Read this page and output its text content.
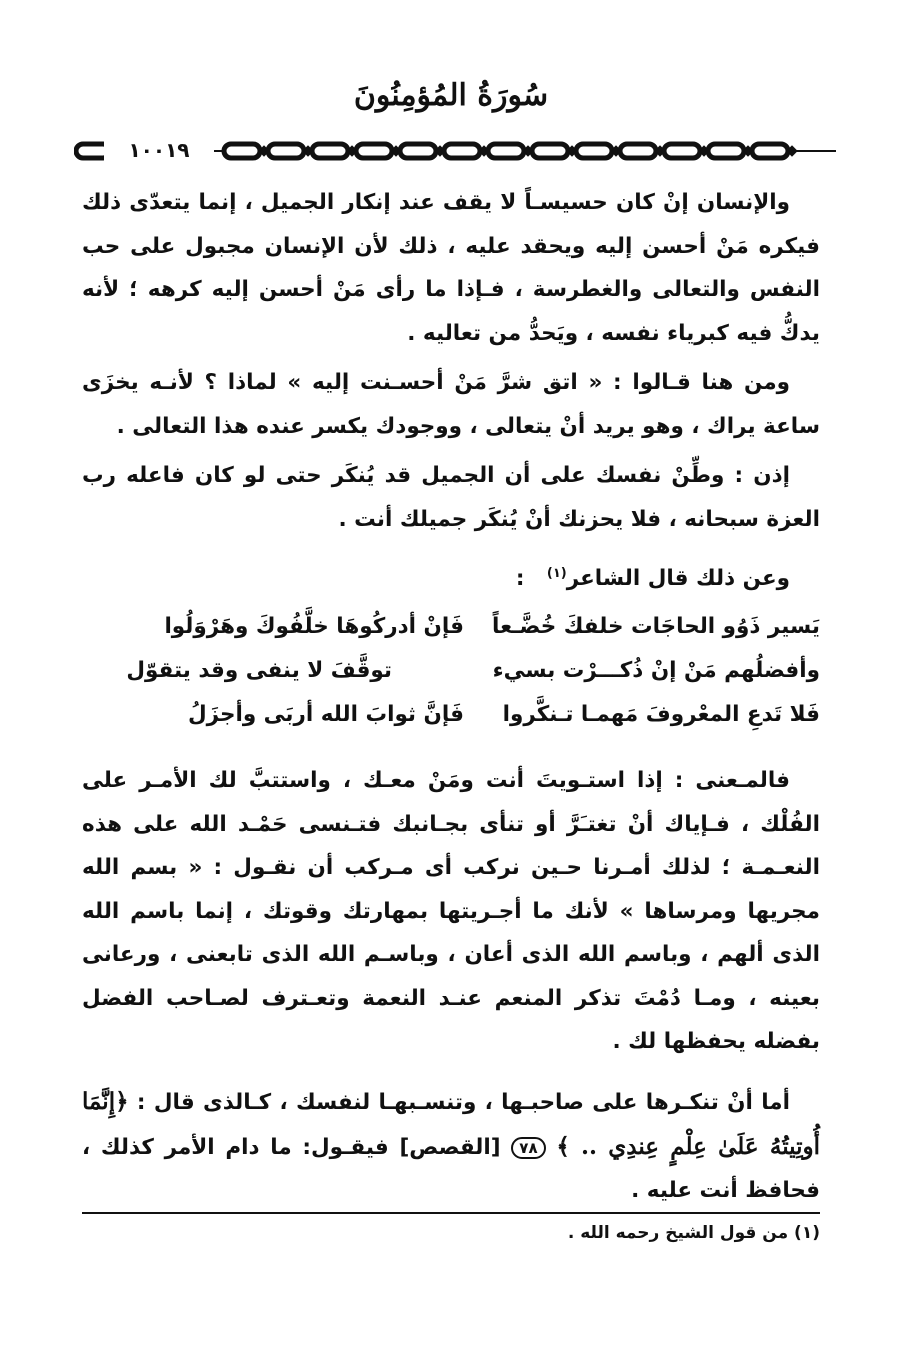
سُورَةُ المُؤمِنُونَ
١٠٠١٩

والإنسان إنْ كان حسيسـاً لا يقف عند إنكار الجميل ، إنما يتعدّى ذلك فيكره مَنْ أحسن إليه ويحقد عليه ، ذلك لأن الإنسان مجبول على حب النفس والتعالى والغطرسة ، فـإذا ما رأى مَنْ أحسن إليه كرهه ؛ لأنه يدكُّ فيه كبرياء نفسه ، ويَحدُّ من تعاليه .

ومن هنا قـالوا : « اتق شرَّ مَنْ أحسـنت إليه » لماذا ؟ لأنـه يخزَى ساعة يراك ، وهو يريد أنْ يتعالى ، ووجودك يكسر عنده هذا التعالى .

إذن : وطِّنْ نفسك على أن الجميل قد يُنكَر حتى لو كان فاعله رب العزة سبحانه ، فلا يحزنك أنْ يُنكَر جميلك أنت .

وعن ذلك قال الشاعر$^{(١)}$   :
يَسير ذَوُو الحاجَات خلفكَ خُضَّـعاً
فَإنْ أدركُوهَا خلَّفُوكَ وهَرْوَلُوا
وأفضلُهم مَنْ إنْ ذُكـــرْت بسيء
توقَّفَ لا ينفى وقد يتقوّل
فَلا تَدعِ المعْروفَ مَهمـا تـنكَّروا
فَإنَّ ثوابَ الله أربَى وأجزَلُ

فالمـعنى : إذا استـويتَ أنت ومَنْ معـك ، واستتبَّ لك الأمـر على الفُلْك ، فـإياك أنْ تغتـَرَّ أو تنأى بجـانبك فتـنسى حَمْـد الله على هذه النعـمـة ؛ لذلك أمـرنا حـين نركب أى مـركب أن نقـول : « بسم الله مجريها ومرساها » لأنك ما أجـريتها بمهارتك وقوتك ، إنما باسم الله الذى ألهم ، وباسم الله الذى أعان ، وباسـم الله الذى تابعنى ، ورعانى بعينه ، ومـا دُمْتَ تذكر المنعم عنـد النعمة وتعـترف لصـاحب الفضل بفضله يحفظها لك .

أما أنْ تنكـرها على صاحبـها ، وتنسـبهـا لنفسك ، كـالذى قال : ﴿إِنَّمَا أُوتِيتُهُ عَلَىٰ عِلْمٍ عِندِي .. ﴾ ٧٨ [القصص] فيقـول: ما دام الأمر كذلك ، فحافظ أنت عليه .

(١) من قول الشيخ رحمه الله .
